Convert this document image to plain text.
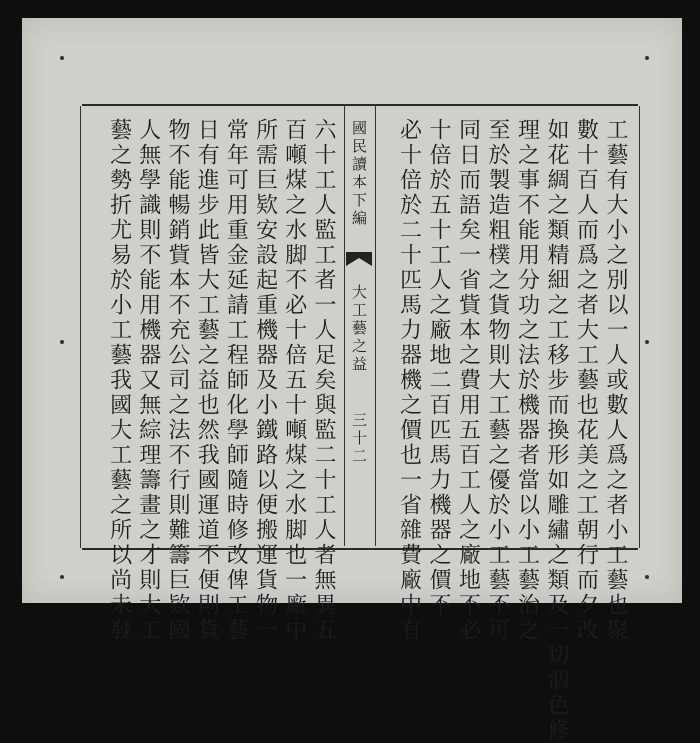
工藝有大小之別以一人或數人爲之者小工藝也聚
數十百人而爲之者大工藝也花美之工朝行而夕改
如花綢之類精細之工移步而換形如雕繡之類及一切泅色修
理之事不能用分功之法於機器者當以小工藝治之
至於製造粗樸之貨物則大工藝之優於小工藝不可
同日而語矣一省貲本之費用五百工人之廠地不必
十倍於五十工人之廠地二百匹馬力機器之價不
必十倍於二十匹馬力器機之價也一省雜費廠中有
國民讀本下編
大工藝之益
三十二
六十工人監工者一人足矣與監二十工人者無異五
百噸煤之水脚不必十倍五十噸煤之水脚也一廠中
所需巨欵安設起重機器及小鐵路以便搬運貨物一
常年可用重金延請工程師化學師隨時修改俾工藝
日有進步此皆大工藝之益也然我國運道不便則貨
物不能暢銷貲本不充公司之法不行則難籌巨欵國
人無學識則不能用機器又無綜理籌畫之才則大工
藝之勢折尤易於小工藝我國大工藝之所以尚未發
